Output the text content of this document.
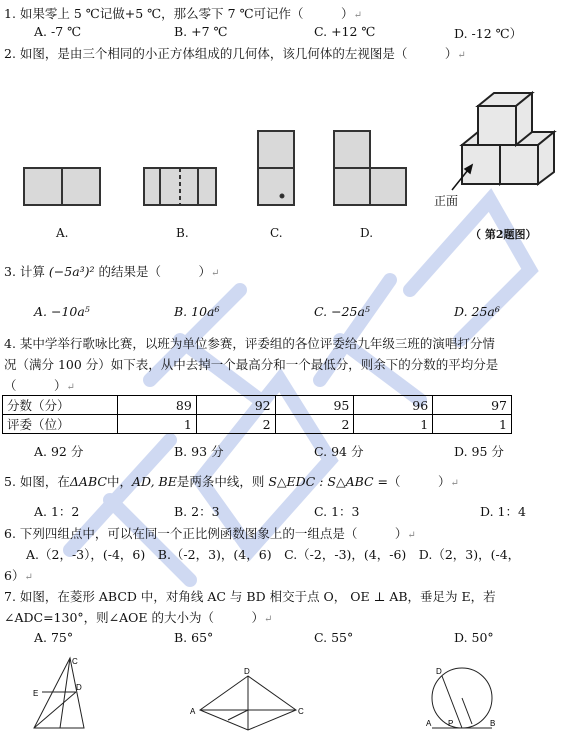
1. 如果零上 5 ℃记做+5 ℃，那么零下 7 ℃可记作（　　　）↵
A. -7 ℃	B. +7 ℃	C. +12 ℃	D. -12 ℃）
2. 如图，是由三个相同的小正方体组成的几何体，该几何体的左视图是（　　　）↵
正面
A.	B.	C.	D.	（ 第2题图）
3. 计算 (−5a³)² 的结果是（　　　）↵
A. −10a⁵	B. 10a⁶	C. −25a⁵	D. 25a⁶
4. 某中学举行歌咏比赛，以班为单位参赛，评委组的各位评委给九年级三班的演唱打分情
况（满分 100 分）如下表，从中去掉一个最高分和一个最低分，则余下的分数的平均分是
（　　　）↵
分数（分）	89	92	95	96	97
评委（位）	1	2	2	1	1
A. 92 分	B. 93 分	C. 94 分	D. 95 分
5. 如图，在ΔABC中，AD, BE是两条中线，则 S△EDC : S△ABC =（　　　）↵
A. 1：2	B. 2：3	C. 1：3	D. 1：4
6. 下列四组点中，可以在同一个正比例函数图象上的一组点是（　　　）↵
A.（2，-3），(-4，6)　B.（-2，3)，(4，6)　C.（-2，-3)，(4，-6)　D.（2，3)，(-4，
6）↵
7. 如图，在菱形 ABCD 中，对角线 AC 与 BD 相交于点 O， OE ⊥ AB，垂足为 E，若
∠ADC=130°，则∠AOE 的大小为（　　　）↵
A. 75°	B. 65°	C. 55°	D. 50°
C
D
E
D
A	C
D
A P	B
